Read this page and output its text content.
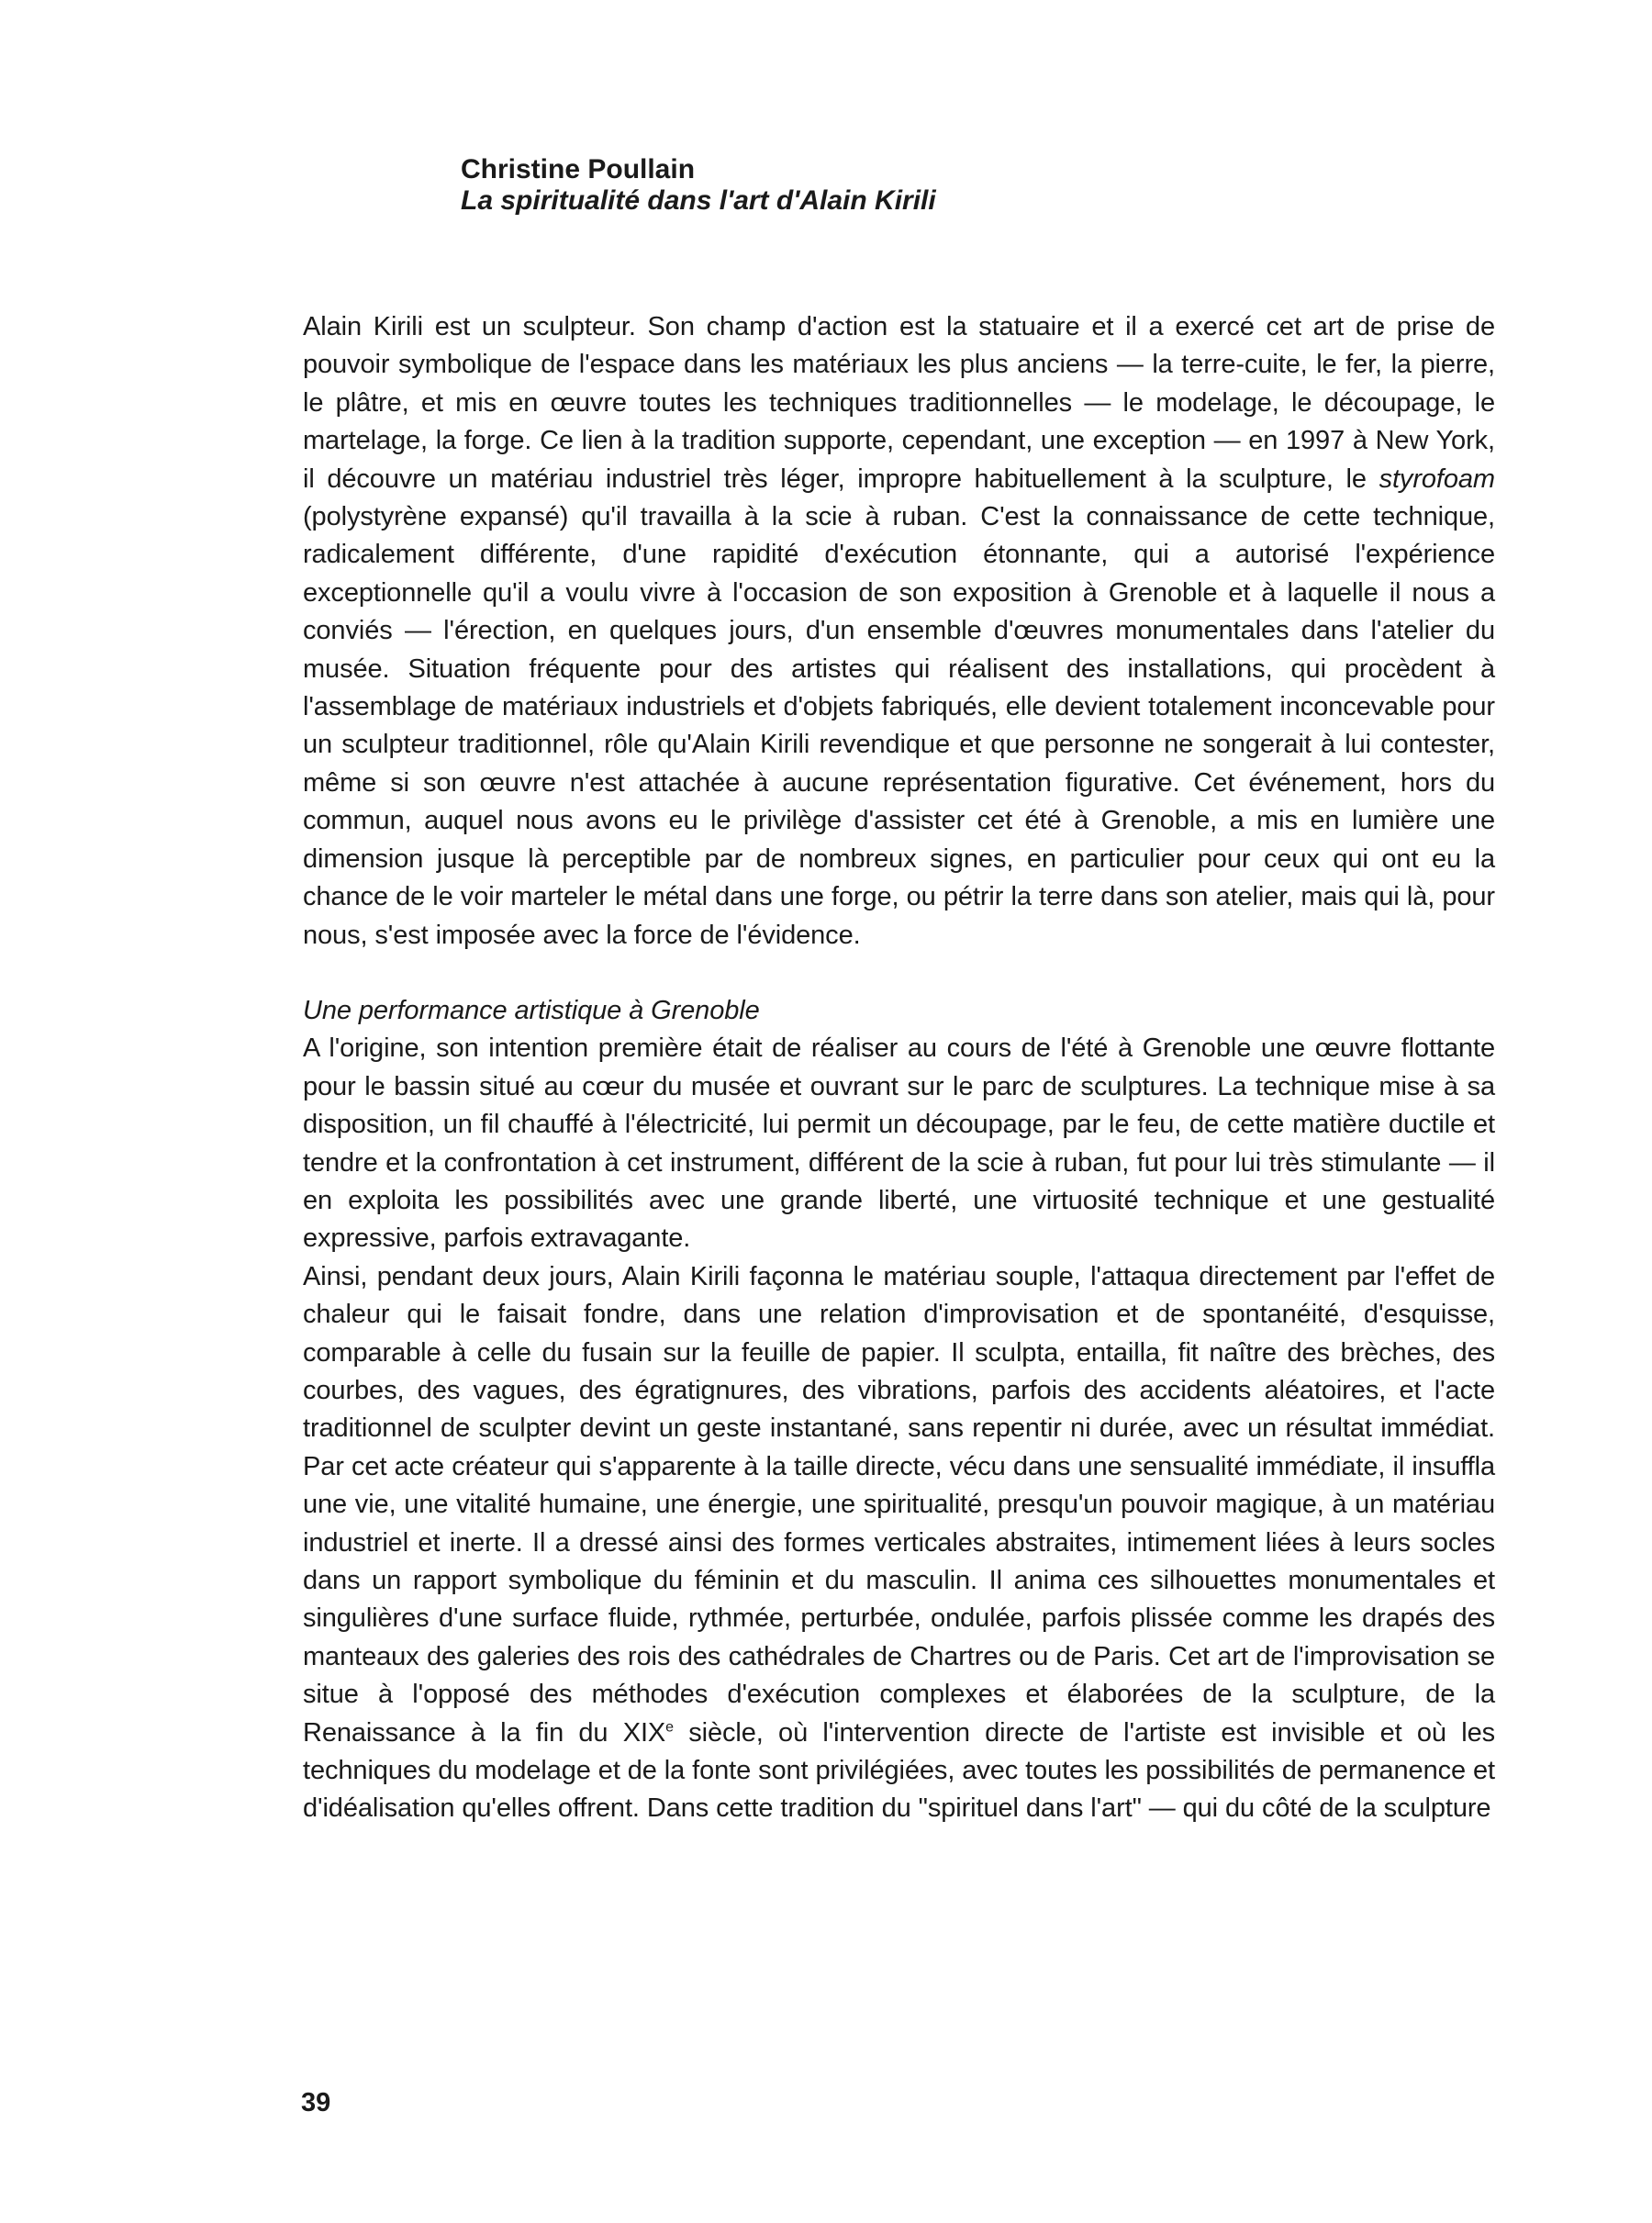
Christine Poullain

La spiritualité dans l'art d'Alain Kirili

Alain Kirili est un sculpteur. Son champ d'action est la statuaire et il a exercé cet art de prise de pouvoir symbolique de l'espace dans les matériaux les plus anciens — la terre-cuite, le fer, la pierre, le plâtre, et mis en œuvre toutes les techniques traditionnelles — le modelage, le découpage, le martelage, la forge. Ce lien à la tradition supporte, cependant, une exception — en 1997 à New York, il découvre un matériau industriel très léger, impropre habituellement à la sculpture, le styrofoam (polystyrène expansé) qu'il travailla à la scie à ruban. C'est la connaissance de cette technique, radicalement différente, d'une rapidité d'exécution étonnante, qui a autorisé l'expérience exceptionnelle qu'il a voulu vivre à l'occasion de son exposition à Grenoble et à laquelle il nous a conviés — l'érection, en quelques jours, d'un ensemble d'œuvres monumentales dans l'atelier du musée. Situation fréquente pour des artistes qui réalisent des installations, qui procèdent à l'assemblage de matériaux industriels et d'objets fabriqués, elle devient totalement inconcevable pour un sculpteur traditionnel, rôle qu'Alain Kirili revendique et que personne ne songerait à lui contester, même si son œuvre n'est attachée à aucune représentation figurative. Cet événement, hors du commun, auquel nous avons eu le privilège d'assister cet été à Grenoble, a mis en lumière une dimension jusque là perceptible par de nombreux signes, en particulier pour ceux qui ont eu la chance de le voir marteler le métal dans une forge, ou pétrir la terre dans son atelier, mais qui là, pour nous, s'est imposée avec la force de l'évidence.

Une performance artistique à Grenoble

A l'origine, son intention première était de réaliser au cours de l'été à Grenoble une œuvre flottante pour le bassin situé au cœur du musée et ouvrant sur le parc de sculptures. La technique mise à sa disposition, un fil chauffé à l'électricité, lui permit un découpage, par le feu, de cette matière ductile et tendre et la confrontation à cet instrument, différent de la scie à ruban, fut pour lui très stimulante — il en exploita les possibilités avec une grande liberté, une virtuosité technique et une gestualité expressive, parfois extravagante.

Ainsi, pendant deux jours, Alain Kirili façonna le matériau souple, l'attaqua directement par l'effet de chaleur qui le faisait fondre, dans une relation d'improvisation et de spontanéité, d'esquisse, comparable à celle du fusain sur la feuille de papier. Il sculpta, entailla, fit naître des brèches, des courbes, des vagues, des égratignures, des vibrations, parfois des accidents aléatoires, et l'acte traditionnel de sculpter devint un geste instantané, sans repentir ni durée, avec un résultat immédiat. Par cet acte créateur qui s'apparente à la taille directe, vécu dans une sensualité immédiate, il insuffla une vie, une vitalité humaine, une énergie, une spiritualité, presqu'un pouvoir magique, à un matériau industriel et inerte. Il a dressé ainsi des formes verticales abstraites, intimement liées à leurs socles dans un rapport symbolique du féminin et du masculin. Il anima ces silhouettes monumentales et singulières d'une surface fluide, rythmée, perturbée, ondulée, parfois plissée comme les drapés des manteaux des galeries des rois des cathédrales de Chartres ou de Paris. Cet art de l'improvisation se situe à l'opposé des méthodes d'exécution complexes et élaborées de la sculpture, de la Renaissance à la fin du XIXe siècle, où l'intervention directe de l'artiste est invisible et où les techniques du modelage et de la fonte sont privilégiées, avec toutes les possibilités de permanence et d'idéalisation qu'elles offrent. Dans cette tradition du "spirituel dans l'art" — qui du côté de la sculpture

39
